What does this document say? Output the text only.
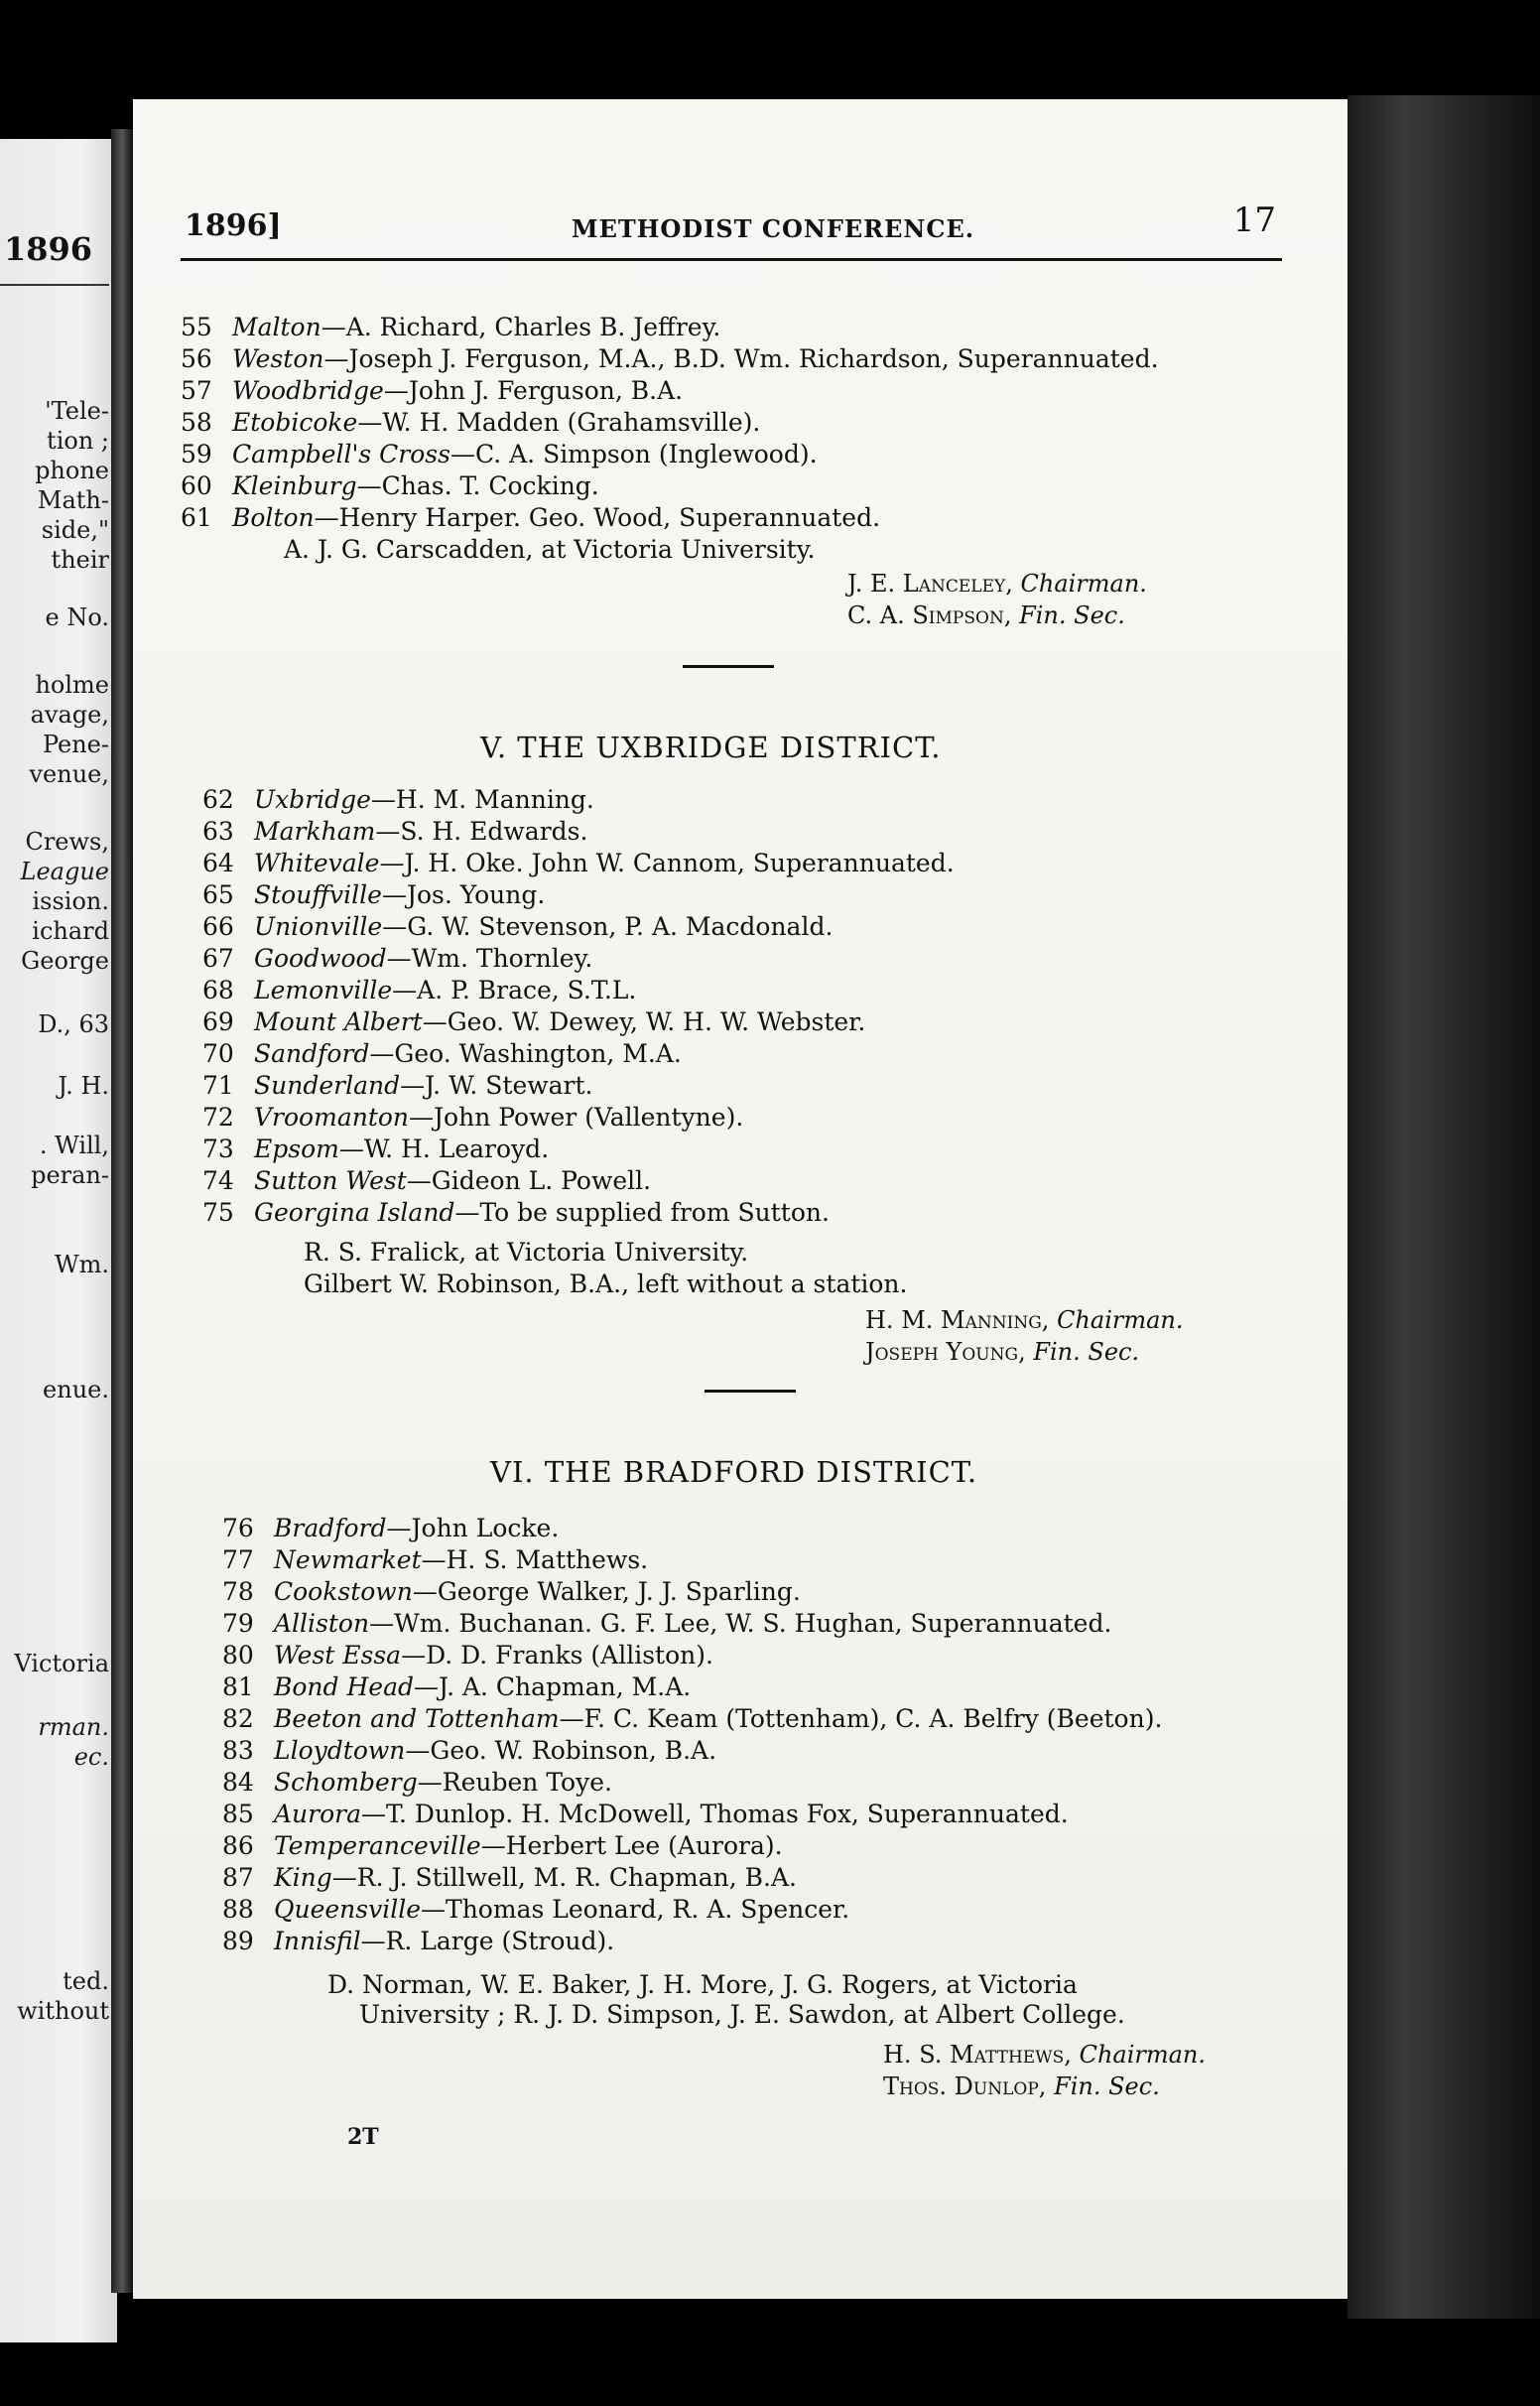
1896
'Tele-
tion ;
phone
Math-
side,"
their
e No.
holme
avage,
Pene-
venue,
Crews,
League
ission.
ichard
George
D., 63
J. H.
. Will,
peran-
Wm.
enue.
Victoria
rman.
ec.
ted.
without
1896]	METHODIST CONFERENCE.	17
55 Malton—A. Richard, Charles B. Jeffrey.
56 Weston—Joseph J. Ferguson, M.A., B.D. Wm. Richardson, Superannuated.
57 Woodbridge—John J. Ferguson, B.A.
58 Etobicoke—W. H. Madden (Grahamsville).
59 Campbell's Cross—C. A. Simpson (Inglewood).
60 Kleinburg—Chas. T. Cocking.
61 Bolton—Henry Harper. Geo. Wood, Superannuated.
A. J. G. Carscadden, at Victoria University.
J. E. Lanceley, Chairman.
C. A. Simpson, Fin. Sec.
V. THE UXBRIDGE DISTRICT.
62 Uxbridge—H. M. Manning.
63 Markham—S. H. Edwards.
64 Whitevale—J. H. Oke. John W. Cannom, Superannuated.
65 Stouffville—Jos. Young.
66 Unionville—G. W. Stevenson, P. A. Macdonald.
67 Goodwood—Wm. Thornley.
68 Lemonville—A. P. Brace, S.T.L.
69 Mount Albert—Geo. W. Dewey, W. H. W. Webster.
70 Sandford—Geo. Washington, M.A.
71 Sunderland—J. W. Stewart.
72 Vroomanton—John Power (Vallentyne).
73 Epsom—W. H. Learoyd.
74 Sutton West—Gideon L. Powell.
75 Georgina Island—To be supplied from Sutton.
R. S. Fralick, at Victoria University.
Gilbert W. Robinson, B.A., left without a station.
H. M. Manning, Chairman.
Joseph Young, Fin. Sec.
VI. THE BRADFORD DISTRICT.
76 Bradford—John Locke.
77 Newmarket—H. S. Matthews.
78 Cookstown—George Walker, J. J. Sparling.
79 Alliston—Wm. Buchanan. G. F. Lee, W. S. Hughan, Superannuated.
80 West Essa—D. D. Franks (Alliston).
81 Bond Head—J. A. Chapman, M.A.
82 Beeton and Tottenham—F. C. Keam (Tottenham), C. A. Belfry (Beeton).
83 Lloydtown—Geo. W. Robinson, B.A.
84 Schomberg—Reuben Toye.
85 Aurora—T. Dunlop. H. McDowell, Thomas Fox, Superannuated.
86 Temperanceville—Herbert Lee (Aurora).
87 King—R. J. Stillwell, M. R. Chapman, B.A.
88 Queensville—Thomas Leonard, R. A. Spencer.
89 Innisfil—R. Large (Stroud).
D. Norman, W. E. Baker, J. H. More, J. G. Rogers, at Victoria
University ; R. J. D. Simpson, J. E. Sawdon, at Albert College.
H. S. Matthews, Chairman.
Thos. Dunlop, Fin. Sec.
2T
